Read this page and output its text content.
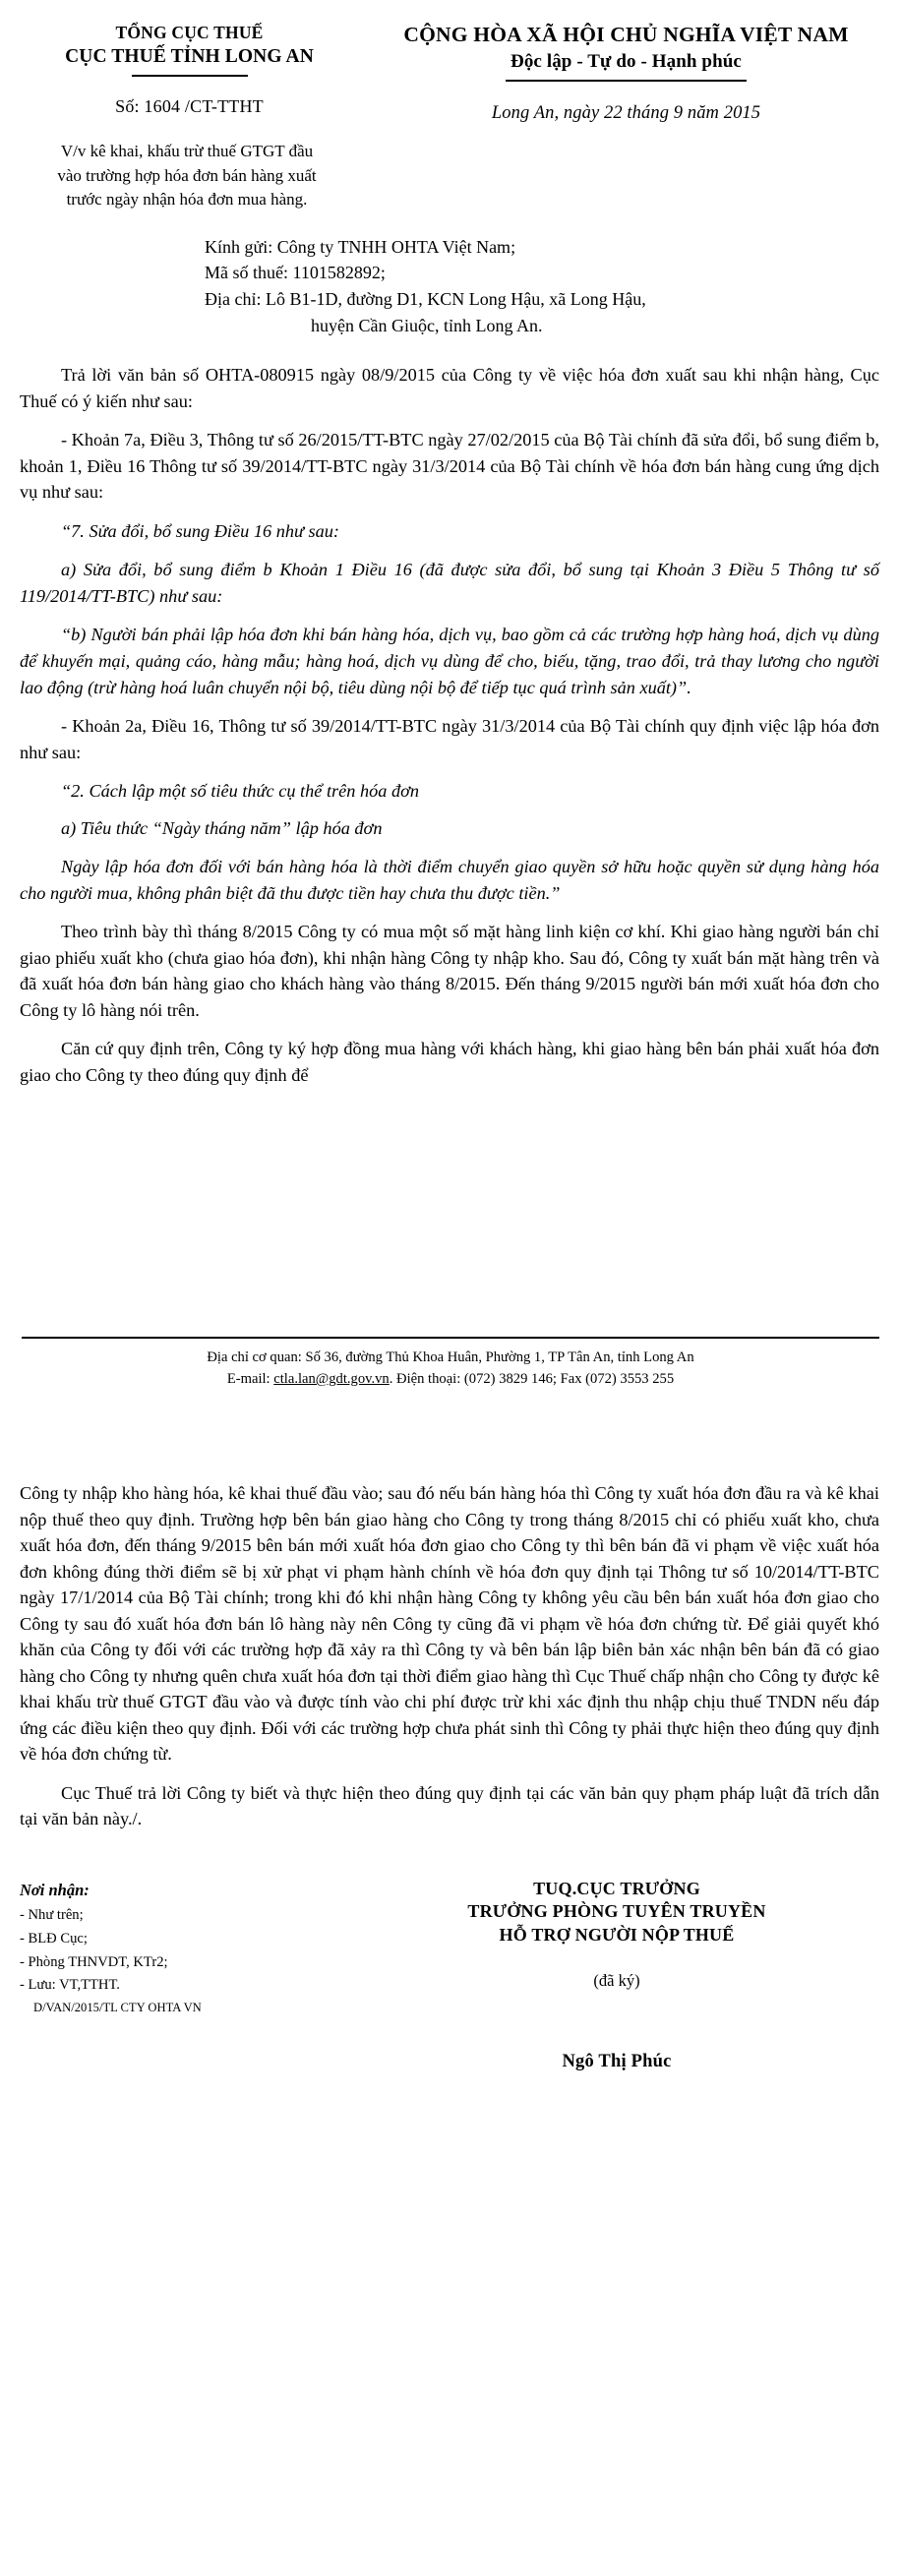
TỔNG CỤC THUẾ
CỤC THUẾ TỈNH LONG AN
Số: 1604 /CT-TTHT
CỘNG HÒA XÃ HỘI CHỦ NGHĨA VIỆT NAM
Độc lập - Tự do - Hạnh phúc
Long An, ngày 22 tháng 9 năm 2015
V/v kê khai, khấu trừ thuế GTGT đầu
vào trường hợp hóa đơn bán hàng xuất
trước ngày nhận hóa đơn mua hàng.
Kính gửi: Công ty TNHH OHTA Việt Nam;
Mã số thuế: 1101582892;
Địa chỉ: Lô B1-1D, đường D1, KCN Long Hậu, xã Long Hậu,
huyện Cần Giuộc, tỉnh Long An.

Trả lời văn bản số OHTA-080915 ngày 08/9/2015 của Công ty về việc hóa đơn xuất sau khi nhận hàng, Cục Thuế có ý kiến như sau:

- Khoản 7a, Điều 3, Thông tư số 26/2015/TT-BTC ngày 27/02/2015 của Bộ Tài chính đã sửa đổi, bổ sung điểm b, khoản 1, Điều 16 Thông tư số 39/2014/TT-BTC ngày 31/3/2014 của Bộ Tài chính về hóa đơn bán hàng cung ứng dịch vụ như sau:

“7. Sửa đổi, bổ sung Điều 16 như sau:

a) Sửa đổi, bổ sung điểm b Khoản 1 Điều 16 (đã được sửa đổi, bổ sung tại Khoản 3 Điều 5 Thông tư số 119/2014/TT-BTC) như sau:

“b) Người bán phải lập hóa đơn khi bán hàng hóa, dịch vụ, bao gồm cả các trường hợp hàng hoá, dịch vụ dùng để khuyến mại, quảng cáo, hàng mẫu; hàng hoá, dịch vụ dùng để cho, biếu, tặng, trao đổi, trả thay lương cho người lao động (trừ hàng hoá luân chuyển nội bộ, tiêu dùng nội bộ để tiếp tục quá trình sản xuất)”.

- Khoản 2a, Điều 16, Thông tư số 39/2014/TT-BTC ngày 31/3/2014 của Bộ Tài chính quy định việc lập hóa đơn như sau:

“2. Cách lập một số tiêu thức cụ thể trên hóa đơn

a) Tiêu thức “Ngày tháng năm” lập hóa đơn

Ngày lập hóa đơn đối với bán hàng hóa là thời điểm chuyển giao quyền sở hữu hoặc quyền sử dụng hàng hóa cho người mua, không phân biệt đã thu được tiền hay chưa thu được tiền.”

Theo trình bày thì tháng 8/2015 Công ty có mua một số mặt hàng linh kiện cơ khí. Khi giao hàng người bán chỉ giao phiếu xuất kho (chưa giao hóa đơn), khi nhận hàng Công ty nhập kho. Sau đó, Công ty xuất bán mặt hàng trên và đã xuất hóa đơn bán hàng giao cho khách hàng vào tháng 8/2015. Đến tháng 9/2015 người bán mới xuất hóa đơn cho Công ty lô hàng nói trên.

Căn cứ quy định trên, Công ty ký hợp đồng mua hàng với khách hàng, khi giao hàng bên bán phải xuất hóa đơn giao cho Công ty theo đúng quy định để

Địa chỉ cơ quan: Số 36, đường Thủ Khoa Huân, Phường 1, TP Tân An, tỉnh Long An
E-mail: ctla.lan@gdt.gov.vn. Điện thoại: (072) 3829 146; Fax (072) 3553 255

Công ty nhập kho hàng hóa, kê khai thuế đầu vào; sau đó nếu bán hàng hóa thì Công ty xuất hóa đơn đầu ra và kê khai nộp thuế theo quy định. Trường hợp bên bán giao hàng cho Công ty trong tháng 8/2015 chỉ có phiếu xuất kho, chưa xuất hóa đơn, đến tháng 9/2015 bên bán mới xuất hóa đơn giao cho Công ty thì bên bán đã vi phạm về việc xuất hóa đơn không đúng thời điểm sẽ bị xử phạt vi phạm hành chính về hóa đơn quy định tại Thông tư số 10/2014/TT-BTC ngày 17/1/2014 của Bộ Tài chính; trong khi đó khi nhận hàng Công ty không yêu cầu bên bán xuất hóa đơn giao cho Công ty sau đó xuất hóa đơn bán lô hàng này nên Công ty cũng đã vi phạm về hóa đơn chứng từ. Để giải quyết khó khăn của Công ty đối với các trường hợp đã xảy ra thì Công ty và bên bán lập biên bản xác nhận bên bán đã có giao hàng cho Công ty nhưng quên chưa xuất hóa đơn tại thời điểm giao hàng thì Cục Thuế chấp nhận cho Công ty được kê khai khấu trừ thuế GTGT đầu vào và được tính vào chi phí được trừ khi xác định thu nhập chịu thuế TNDN nếu đáp ứng các điều kiện theo quy định. Đối với các trường hợp chưa phát sinh thì Công ty phải thực hiện theo đúng quy định về hóa đơn chứng từ.

Cục Thuế trả lời Công ty biết và thực hiện theo đúng quy định tại các văn bản quy phạm pháp luật đã trích dẫn tại văn bản này./.

Nơi nhận:
- Như trên;
- BLĐ Cục;
- Phòng THNVDT, KTr2;
- Lưu: VT,TTHT.
D/VAN/2015/TL CTY OHTA VN
TUQ.CỤC TRƯỞNG
TRƯỞNG PHÒNG TUYÊN TRUYỀN
HỖ TRỢ NGƯỜI NỘP THUẾ
(đã ký)
Ngô Thị Phúc
